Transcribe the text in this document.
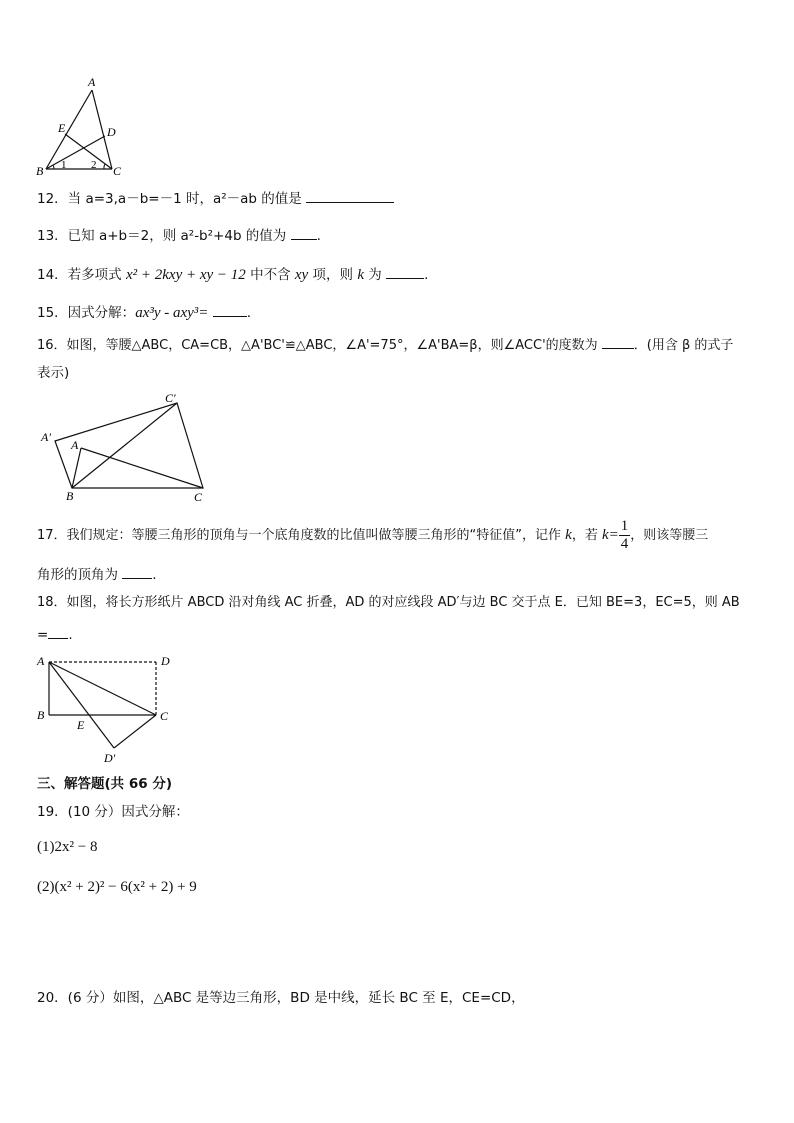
A
E	D
B	C
1 2
12．当 a=3,a－b=－1 时，a²－ab 的值是
13．已知 a+b＝2，则 a²-b²+4b 的值为 .
14．若多项式 x² + 2kxy + xy − 12 中不含 xy 项，则 k 为	.
15．因式分解：ax³y - axy³=	.
16．如图，等腰△ABC，CA=CB，△A'BC'≌△ABC，∠A'=75°，∠A'BA=β，则∠ACC'的度数为	．(用含 β 的式子
表示)
C′
A′
A
B	C
17．我们规定：等腰三角形的顶角与一个底角度数的比值叫做等腰三角形的“特征值”，记作 k，若 $k= \frac{1}{4}$ ，则该等腰三
角形的顶角为	.
18．如图，将长方形纸片 ABCD 沿对角线 AC 折叠，AD 的对应线段 AD′与边 BC 交于点 E．已知 BE=3，EC=5，则 AB
= .
A	D
B
E
C
D′
三、解答题(共 66 分)
19．(10 分）因式分解：
(1)2x² − 8
(2)(x² + 2)² − 6(x² + 2) + 9
20．(6 分）如图，△ABC 是等边三角形，BD 是中线，延长 BC 至 E，CE=CD，
